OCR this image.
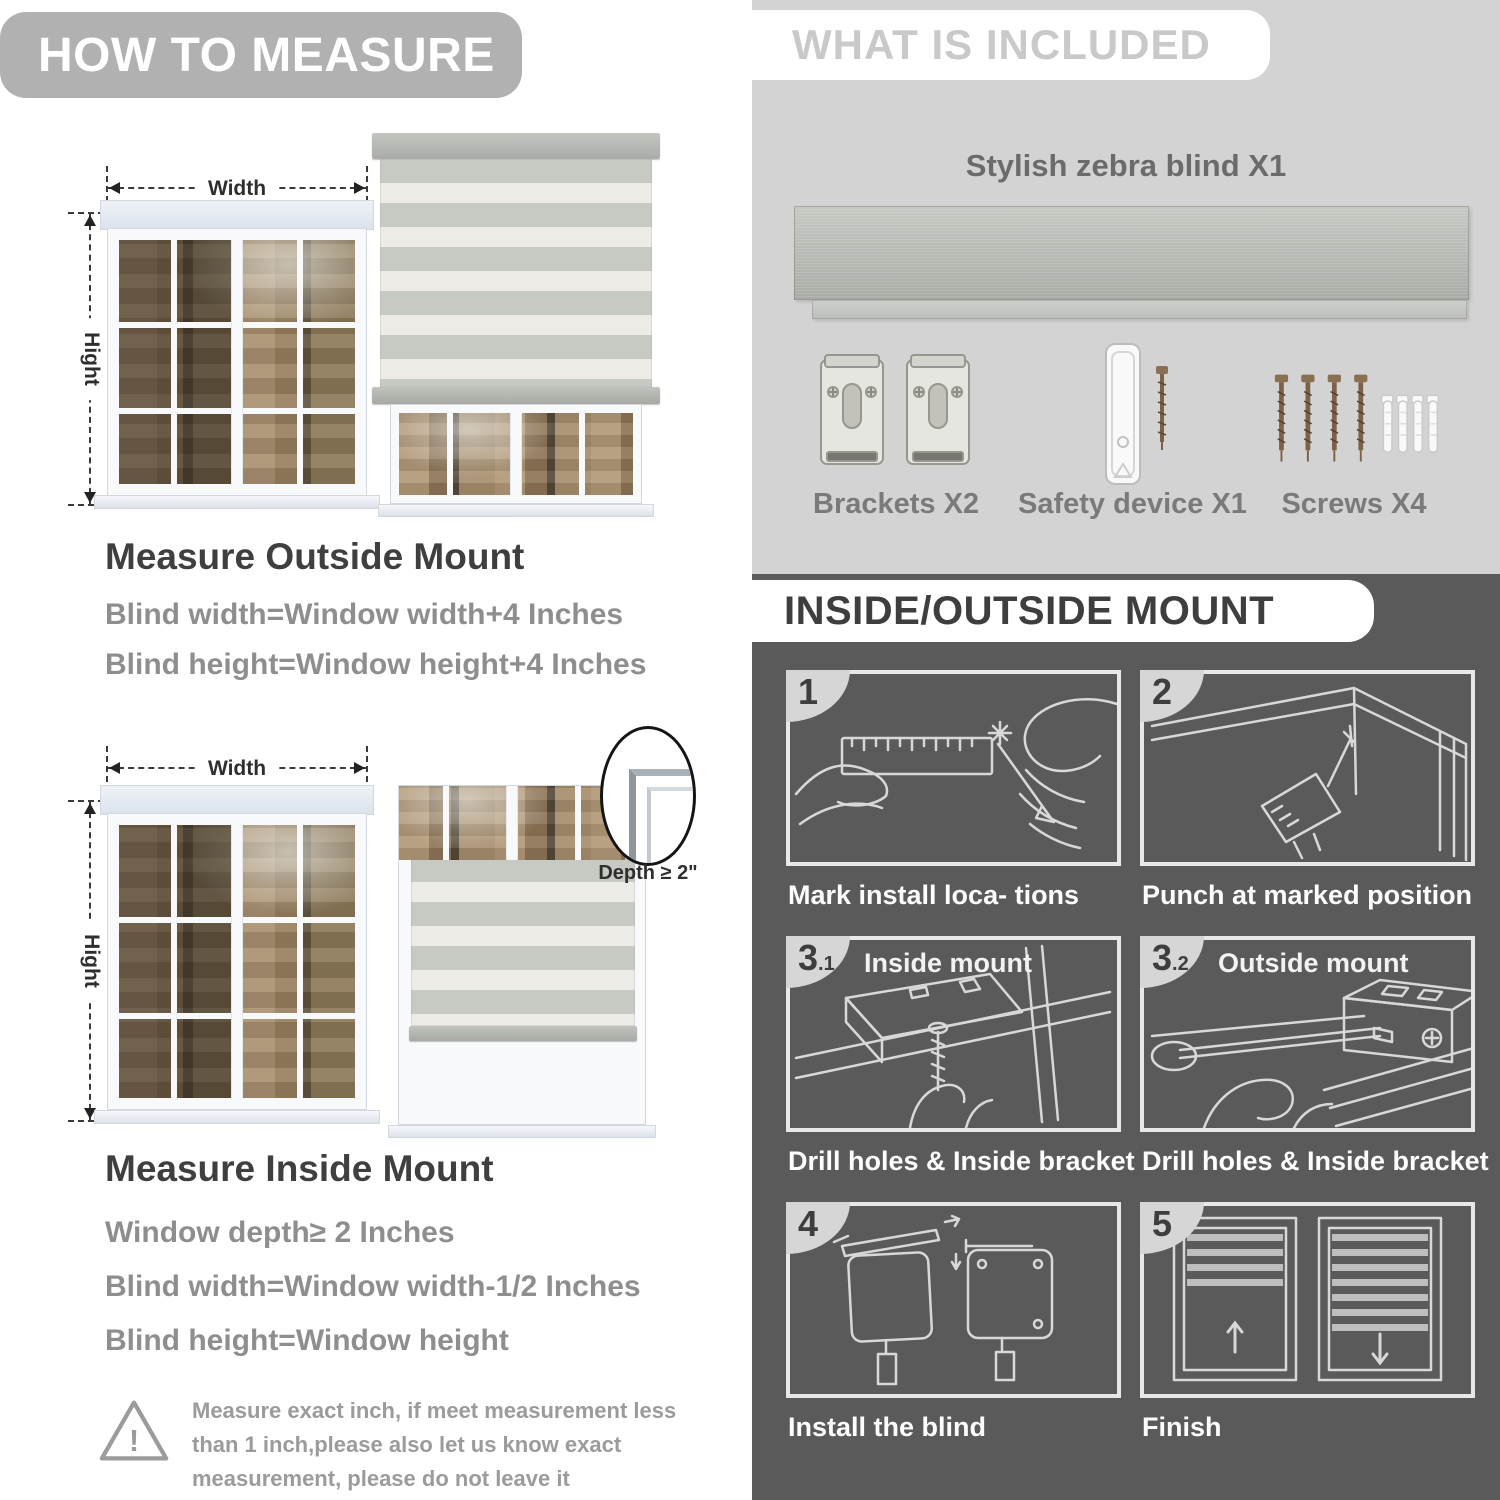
HOW TO MEASURE
Width
Hight
Measure Outside Mount
Blind width=Window width+4 Inches
Blind height=Window height+4 Inches
Width
Hight
Depth ≥ 2"
Measure Inside Mount
Window depth≥ 2 Inches
Blind width=Window width-1/2 Inches
Blind height=Window height
!
Measure exact inch, if meet measurement less
than 1 inch,please also let us know exact
measurement, please do not leave it
WHAT IS INCLUDED
Stylish zebra blind X1
Brackets X2 Safety device X1	Screws X4
INSIDE/OUTSIDE MOUNT
1
Mark install loca- tions
2
Punch at marked position
3 .1 Inside mount
Drill holes & Inside bracket
3 .2 Outside mount
Drill holes & Inside bracket
4
Install the blind
5
Finish
